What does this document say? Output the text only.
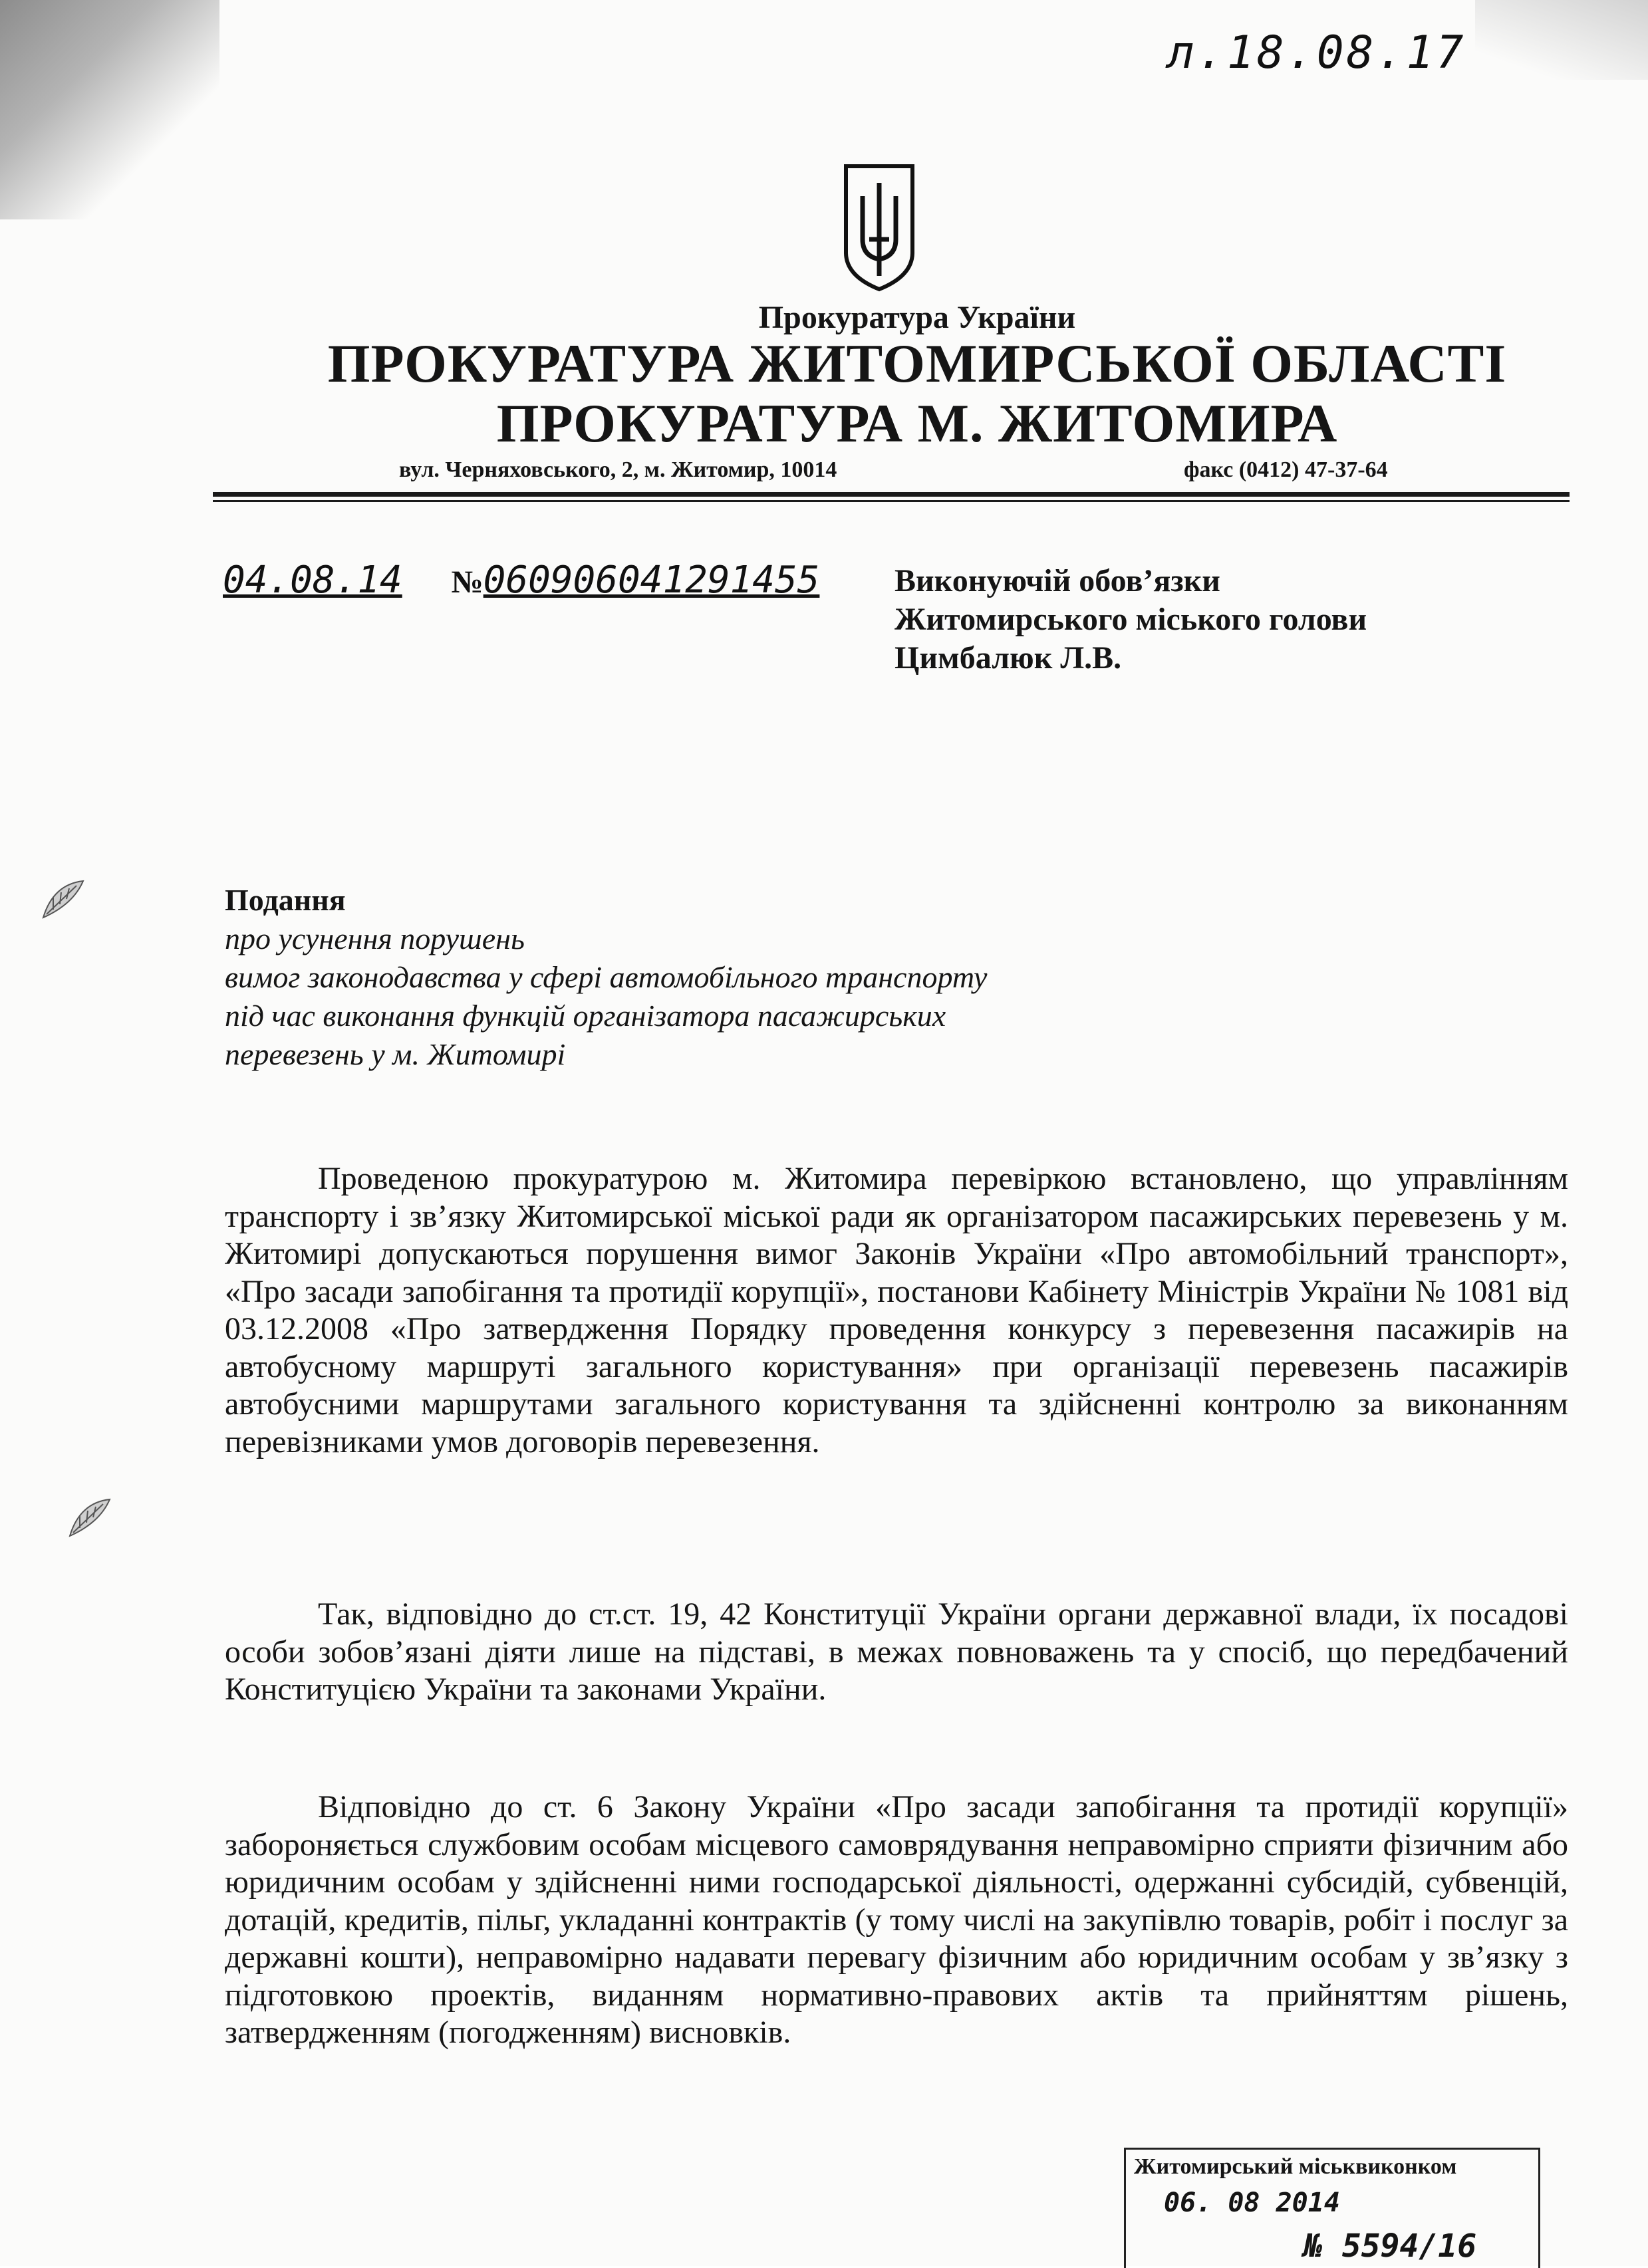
л.18.08.17
Прокуратура України
ПРОКУРАТУРА ЖИТОМИРСЬКОЇ ОБЛАСТІ
ПРОКУРАТУРА М. ЖИТОМИРА
вул. Черняховського, 2, м. Житомир, 10014	факс (0412) 47-37-64
04.08.14 №060906041291455 Виконуючій обов’язки
Житомирського міського голови
Цимбалюк Л.В.
Подання
про усунення порушень
вимог законодавства у сфері автомобільного транспорту
під час виконання функцій організатора пасажирських
перевезень у м. Житомирі

Проведеною прокуратурою м. Житомира перевіркою встановлено, що управлінням транспорту і зв’язку Житомирської міської ради як організатором пасажирських перевезень у м. Житомирі допускаються порушення вимог Законів України «Про автомобільний транспорт», «Про засади запобігання та протидії корупції», постанови Кабінету Міністрів України № 1081 від 03.12.2008 «Про затвердження Порядку проведення конкурсу з перевезення пасажирів на автобусному маршруті загального користування» при організації перевезень пасажирів автобусними маршрутами загального користування та здійсненні контролю за виконанням перевізниками умов договорів перевезення.

Так, відповідно до ст.ст. 19, 42 Конституції України органи державної влади, їх посадові особи зобов’язані діяти лише на підставі, в межах повноважень та у спосіб, що передбачений Конституцією України та законами України.

Відповідно до ст. 6 Закону України «Про засади запобігання та протидії корупції» забороняється службовим особам місцевого самоврядування неправомірно сприяти фізичним або юридичним особам у здійсненні ними господарської діяльності, одержанні субсидій, субвенцій, дотацій, кредитів, пільг, укладанні контрактів (у тому числі на закупівлю товарів, робіт і послуг за державні кошти), неправомірно надавати перевагу фізичним або юридичним особам у зв’язку з підготовкою проектів, виданням нормативно-правових актів та прийняттям рішень, затвердженням (погодженням) висновків.

Житомирський міськвиконком
06. 08 2014
№ 5594/16
